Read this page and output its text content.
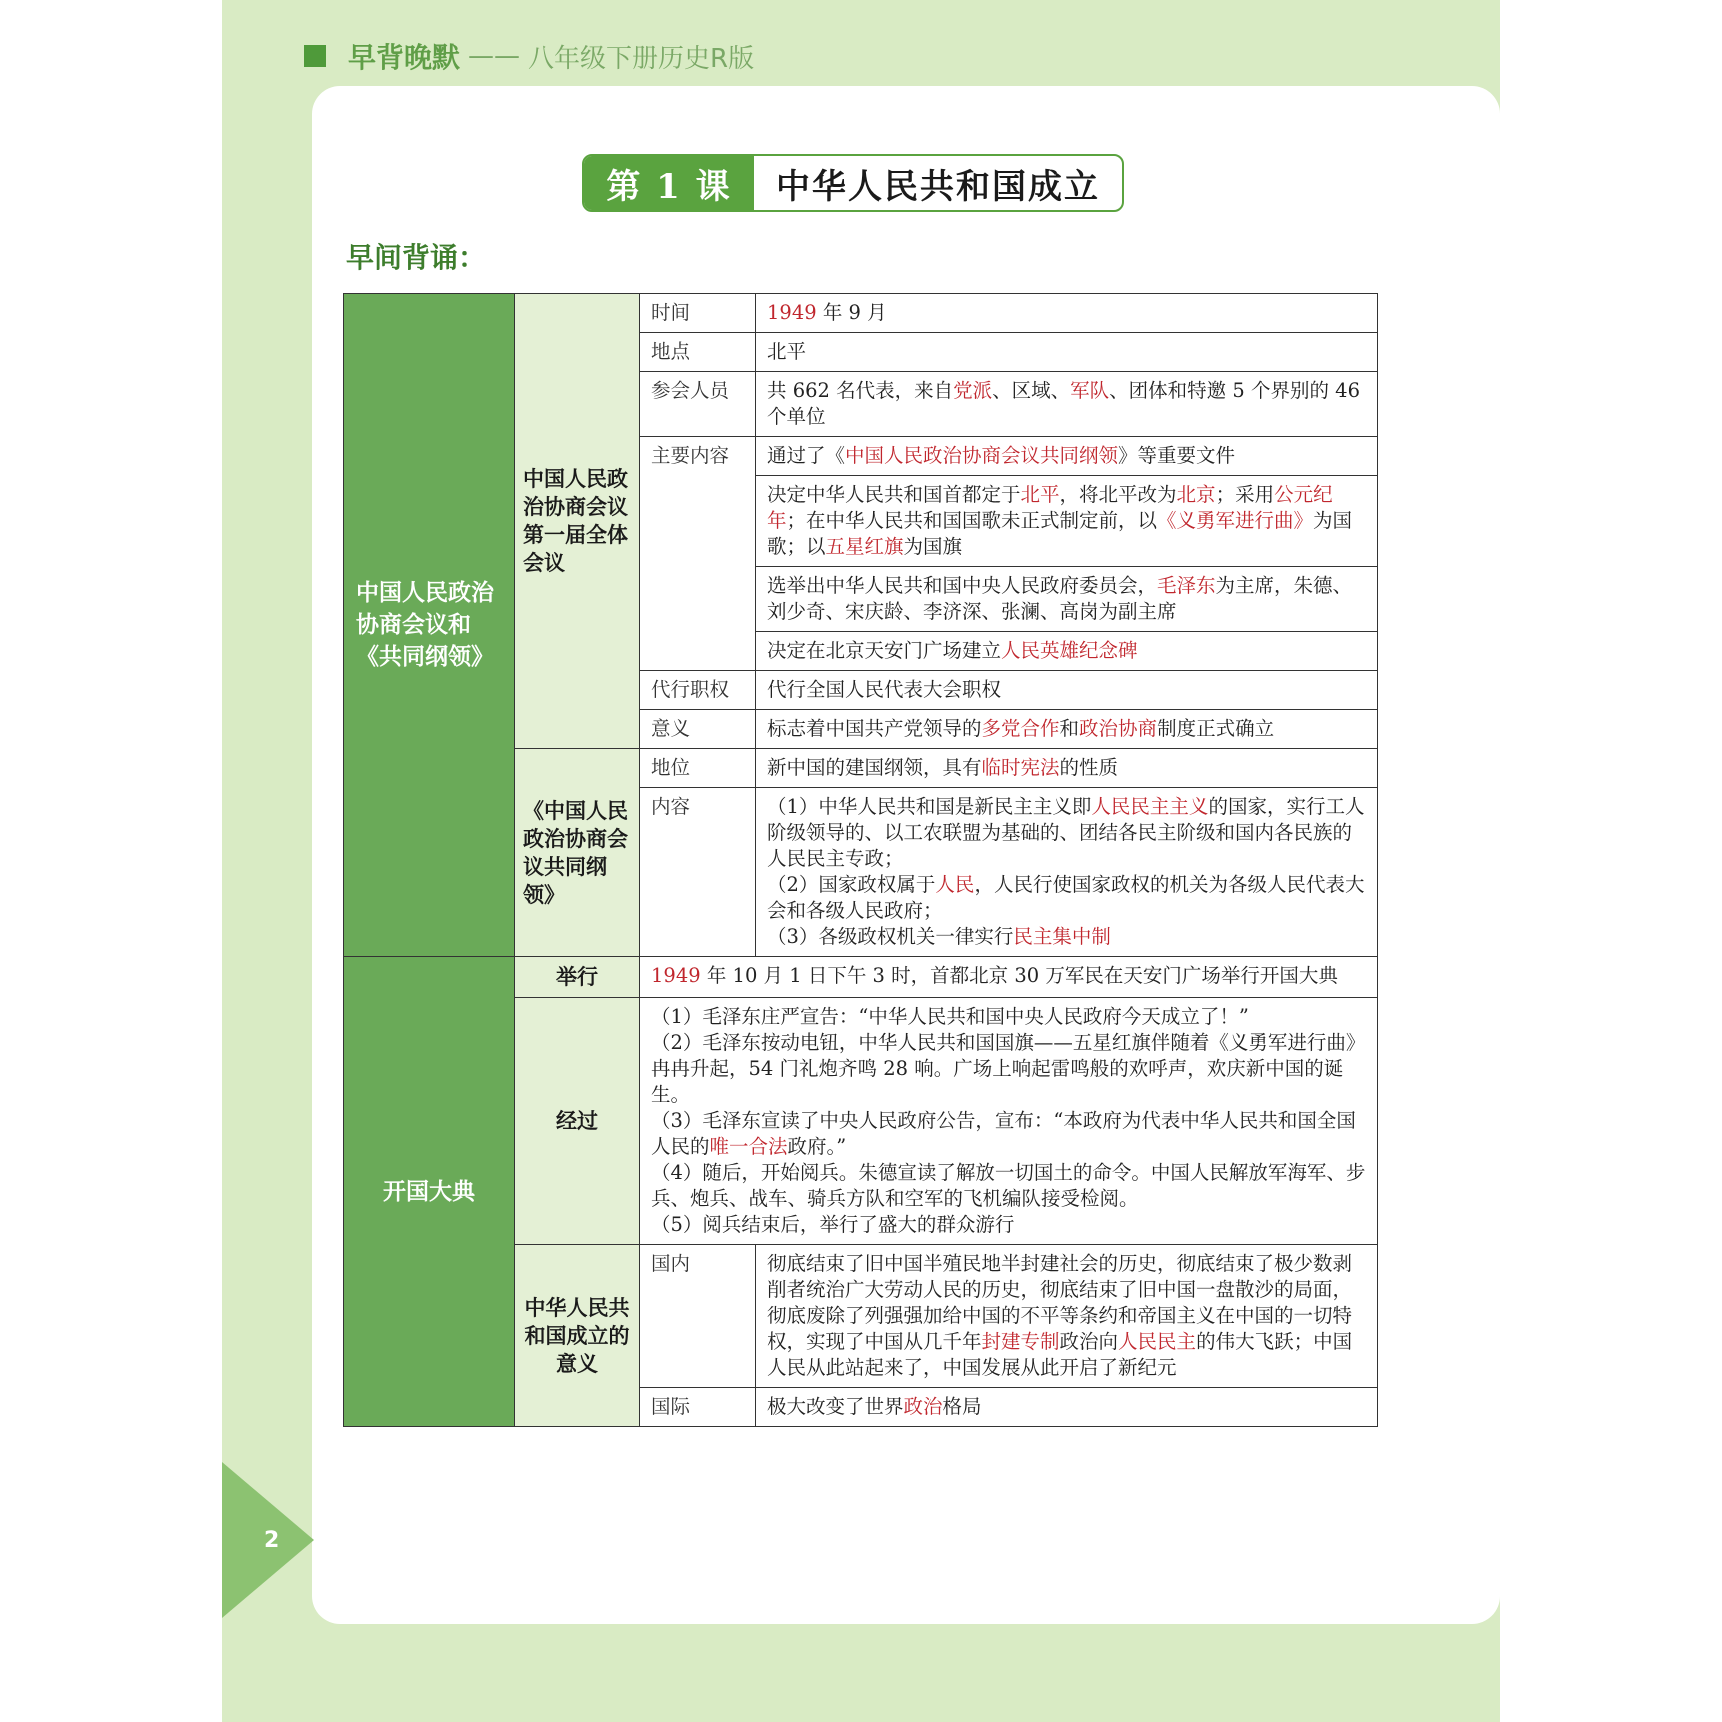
早背晚默 —— 八年级下册历史R版
2
第 1 课	中华人民共和国成立
早间背诵：
中国人民政治协商会议和《共同纲领》	中国人民政治协商会议第一届全体会议	时间	1949 年 9 月
		地点	北平
		参会人员	共 662 名代表，来自党派、区域、军队、团体和特邀 5 个界别的 46 个单位
		主要内容	通过了《中国人民政治协商会议共同纲领》等重要文件
			决定中华人民共和国首都定于北平，将北平改为北京；采用公元纪年；在中华人民共和国国歌未正式制定前，以《义勇军进行曲》为国歌；以五星红旗为国旗
			选举出中华人民共和国中央人民政府委员会，毛泽东为主席，朱德、刘少奇、宋庆龄、李济深、张澜、高岗为副主席
			决定在北京天安门广场建立人民英雄纪念碑
		代行职权	代行全国人民代表大会职权
		意义	标志着中国共产党领导的多党合作和政治协商制度正式确立
	《中国人民政治协商会议共同纲领》	地位	新中国的建国纲领，具有临时宪法的性质
		内容	（1）中华人民共和国是新民主主义即人民民主主义的国家，实行工人阶级领导的、以工农联盟为基础的、团结各民主阶级和国内各民族的人民民主专政；
（2）国家政权属于人民，人民行使国家政权的机关为各级人民代表大会和各级人民政府；
（3）各级政权机关一律实行民主集中制

开国大典	举行	1949 年 10 月 1 日下午 3 时，首都北京 30 万军民在天安门广场举行开国大典	
	经过	（1）毛泽东庄严宣告：“中华人民共和国中央人民政府今天成立了！”
（2）毛泽东按动电钮，中华人民共和国国旗——五星红旗伴随着《义勇军进行曲》冉冉升起，54 门礼炮齐鸣 28 响。广场上响起雷鸣般的欢呼声，欢庆新中国的诞生。
（3）毛泽东宣读了中央人民政府公告，宣布：“本政府为代表中华人民共和国全国人民的唯一合法政府。”
（4）随后，开始阅兵。朱德宣读了解放一切国土的命令。中国人民解放军海军、步兵、炮兵、战车、骑兵方队和空军的飞机编队接受检阅。
（5）阅兵结束后，举行了盛大的群众游行	

	中华人民共和国成立的意义	国内	彻底结束了旧中国半殖民地半封建社会的历史，彻底结束了极少数剥削者统治广大劳动人民的历史，彻底结束了旧中国一盘散沙的局面，彻底废除了列强强加给中国的不平等条约和帝国主义在中国的一切特权，实现了中国从几千年封建专制政治向人民民主的伟大飞跃；中国人民从此站起来了，中国发展从此开启了新纪元
		国际	极大改变了世界政治格局
